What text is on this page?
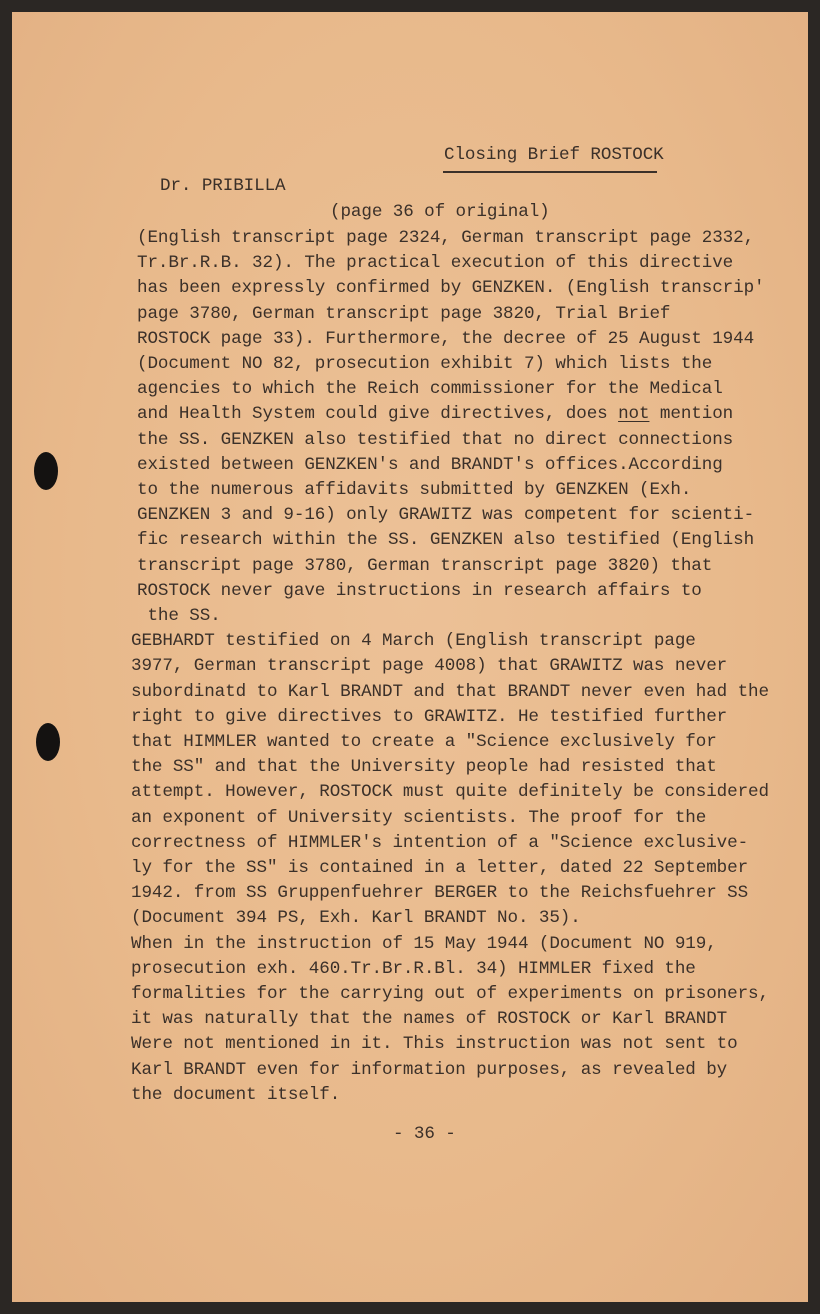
Closing Brief ROSTOCK
Dr. PRIBILLA
(page 36 of original)
(English transcript page 2324, German transcript page 2332,
Tr.Br.R.B. 32). The practical execution of this directive
has been expressly confirmed by GENZKEN. (English transcrip'
page 3780, German transcript page 3820, Trial Brief
ROSTOCK page 33). Furthermore, the decree of 25 August 1944
(Document NO 82, prosecution exhibit 7) which lists the
agencies to which the Reich commissioner for the Medical
and Health System could give directives, does not mention
the SS. GENZKEN also testified that no direct connections
existed between GENZKEN's and BRANDT's offices.According
to the numerous affidavits submitted by GENZKEN (Exh.
GENZKEN 3 and 9-16) only GRAWITZ was competent for scienti-
fic research within the SS. GENZKEN also testified (English
transcript page 3780, German transcript page 3820) that
ROSTOCK never gave instructions in research affairs to
the SS.
GEBHARDT testified on 4 March (English transcript page
3977, German transcript page 4008) that GRAWITZ was never
subordinatd to Karl BRANDT and that BRANDT never even had the
right to give directives to GRAWITZ. He testified further
that HIMMLER wanted to create a "Science exclusively for
the SS" and that the University people had resisted that
attempt. However, ROSTOCK must quite definitely be considered
an exponent of University scientists. The proof for the
correctness of HIMMLER's intention of a "Science exclusive-
ly for the SS" is contained in a letter, dated 22 September
1942. from SS Gruppenfuehrer BERGER to the Reichsfuehrer SS
(Document 394 PS, Exh. Karl BRANDT No. 35).
When in the instruction of 15 May 1944 (Document NO 919,
prosecution exh. 460.Tr.Br.R.Bl. 34) HIMMLER fixed the
formalities for the carrying out of experiments on prisoners,
it was naturally that the names of ROSTOCK or Karl BRANDT
Were not mentioned in it. This instruction was not sent to
Karl BRANDT even for information purposes, as revealed by
the document itself.
- 36 -
